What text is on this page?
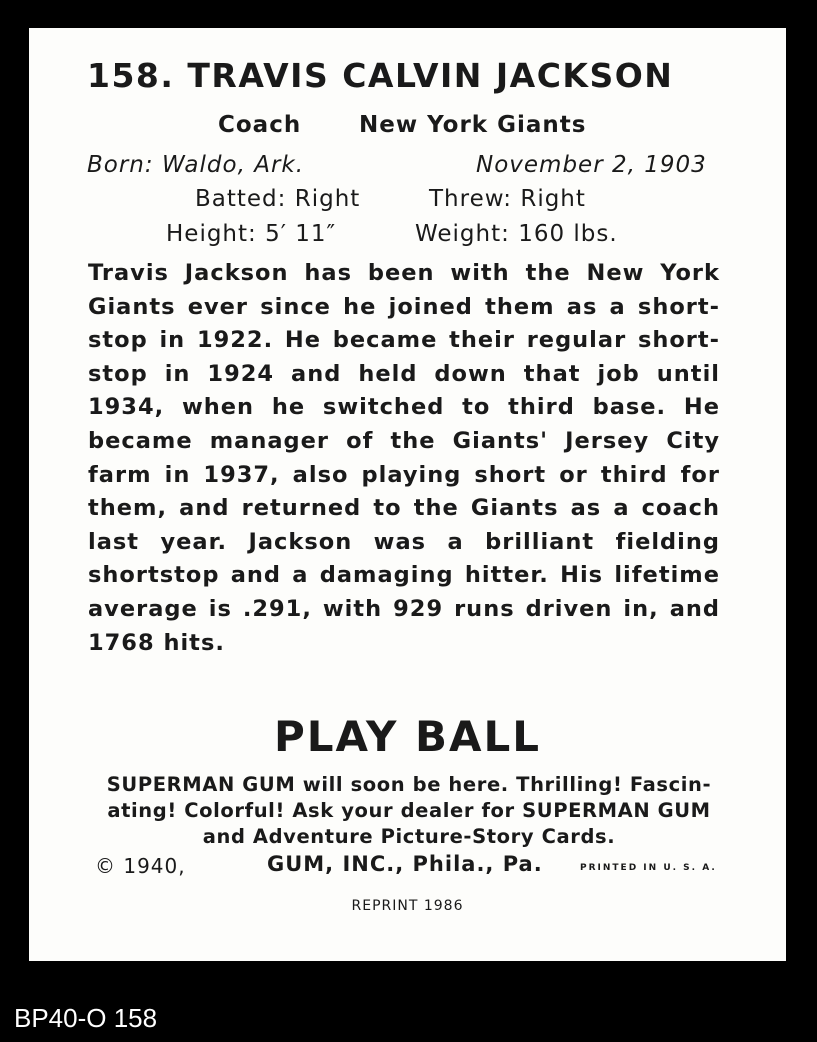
158. TRAVIS CALVIN JACKSON
Coach	New York Giants
Born: Waldo, Ark.	November 2, 1903
Batted: Right	Threw: Right
Height: 5′ 11″	Weight: 160 lbs.
Travis Jackson has been with the New York Giants ever since he joined them as a short-stop in 1922. He became their regular short-stop in 1924 and held down that job until 1934, when he switched to third base. He became manager of the Giants' Jersey City farm in 1937, also playing short or third for them, and returned to the Giants as a coach last year. Jackson was a brilliant fielding shortstop and a damaging hitter. His lifetime average is .291, with 929 runs driven in, and 1768 hits.
PLAY BALL
SUPERMAN GUM will soon be here. Thrilling! Fascin-
ating! Colorful! Ask your dealer for SUPERMAN GUM
and Adventure Picture-Story Cards.
© 1940,	GUM, INC., Phila., Pa.	PRINTED IN U. S. A.
REPRINT 1986
BP40-O 158
